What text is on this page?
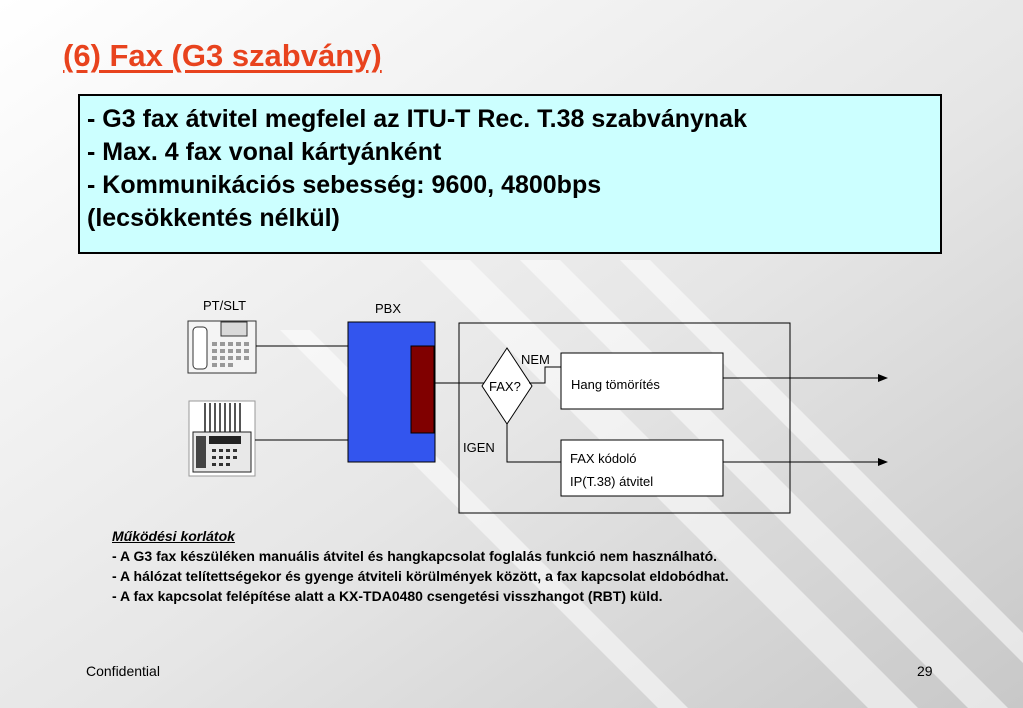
(6) Fax (G3 szabvány)
- G3 fax átvitel megfelel az ITU-T Rec. T.38 szabványnak
- Max. 4 fax vonal kártyánként
- Kommunikációs sebesség: 9600, 4800bps
(lecsökkentés nélkül)
PT/SLT	PBX
FAX?
NEM
Hang tömörítés
IGEN
FAX kódoló
IP(T.38) átvitel
Működési korlátok
- A G3 fax készüléken manuális átvitel és hangkapcsolat foglalás funkció nem használható.
- A hálózat telítettségekor és gyenge átviteli körülmények között, a fax kapcsolat eldobódhat.
- A fax kapcsolat felépítése alatt a KX-TDA0480 csengetési visszhangot (RBT) küld.
Confidential	29
